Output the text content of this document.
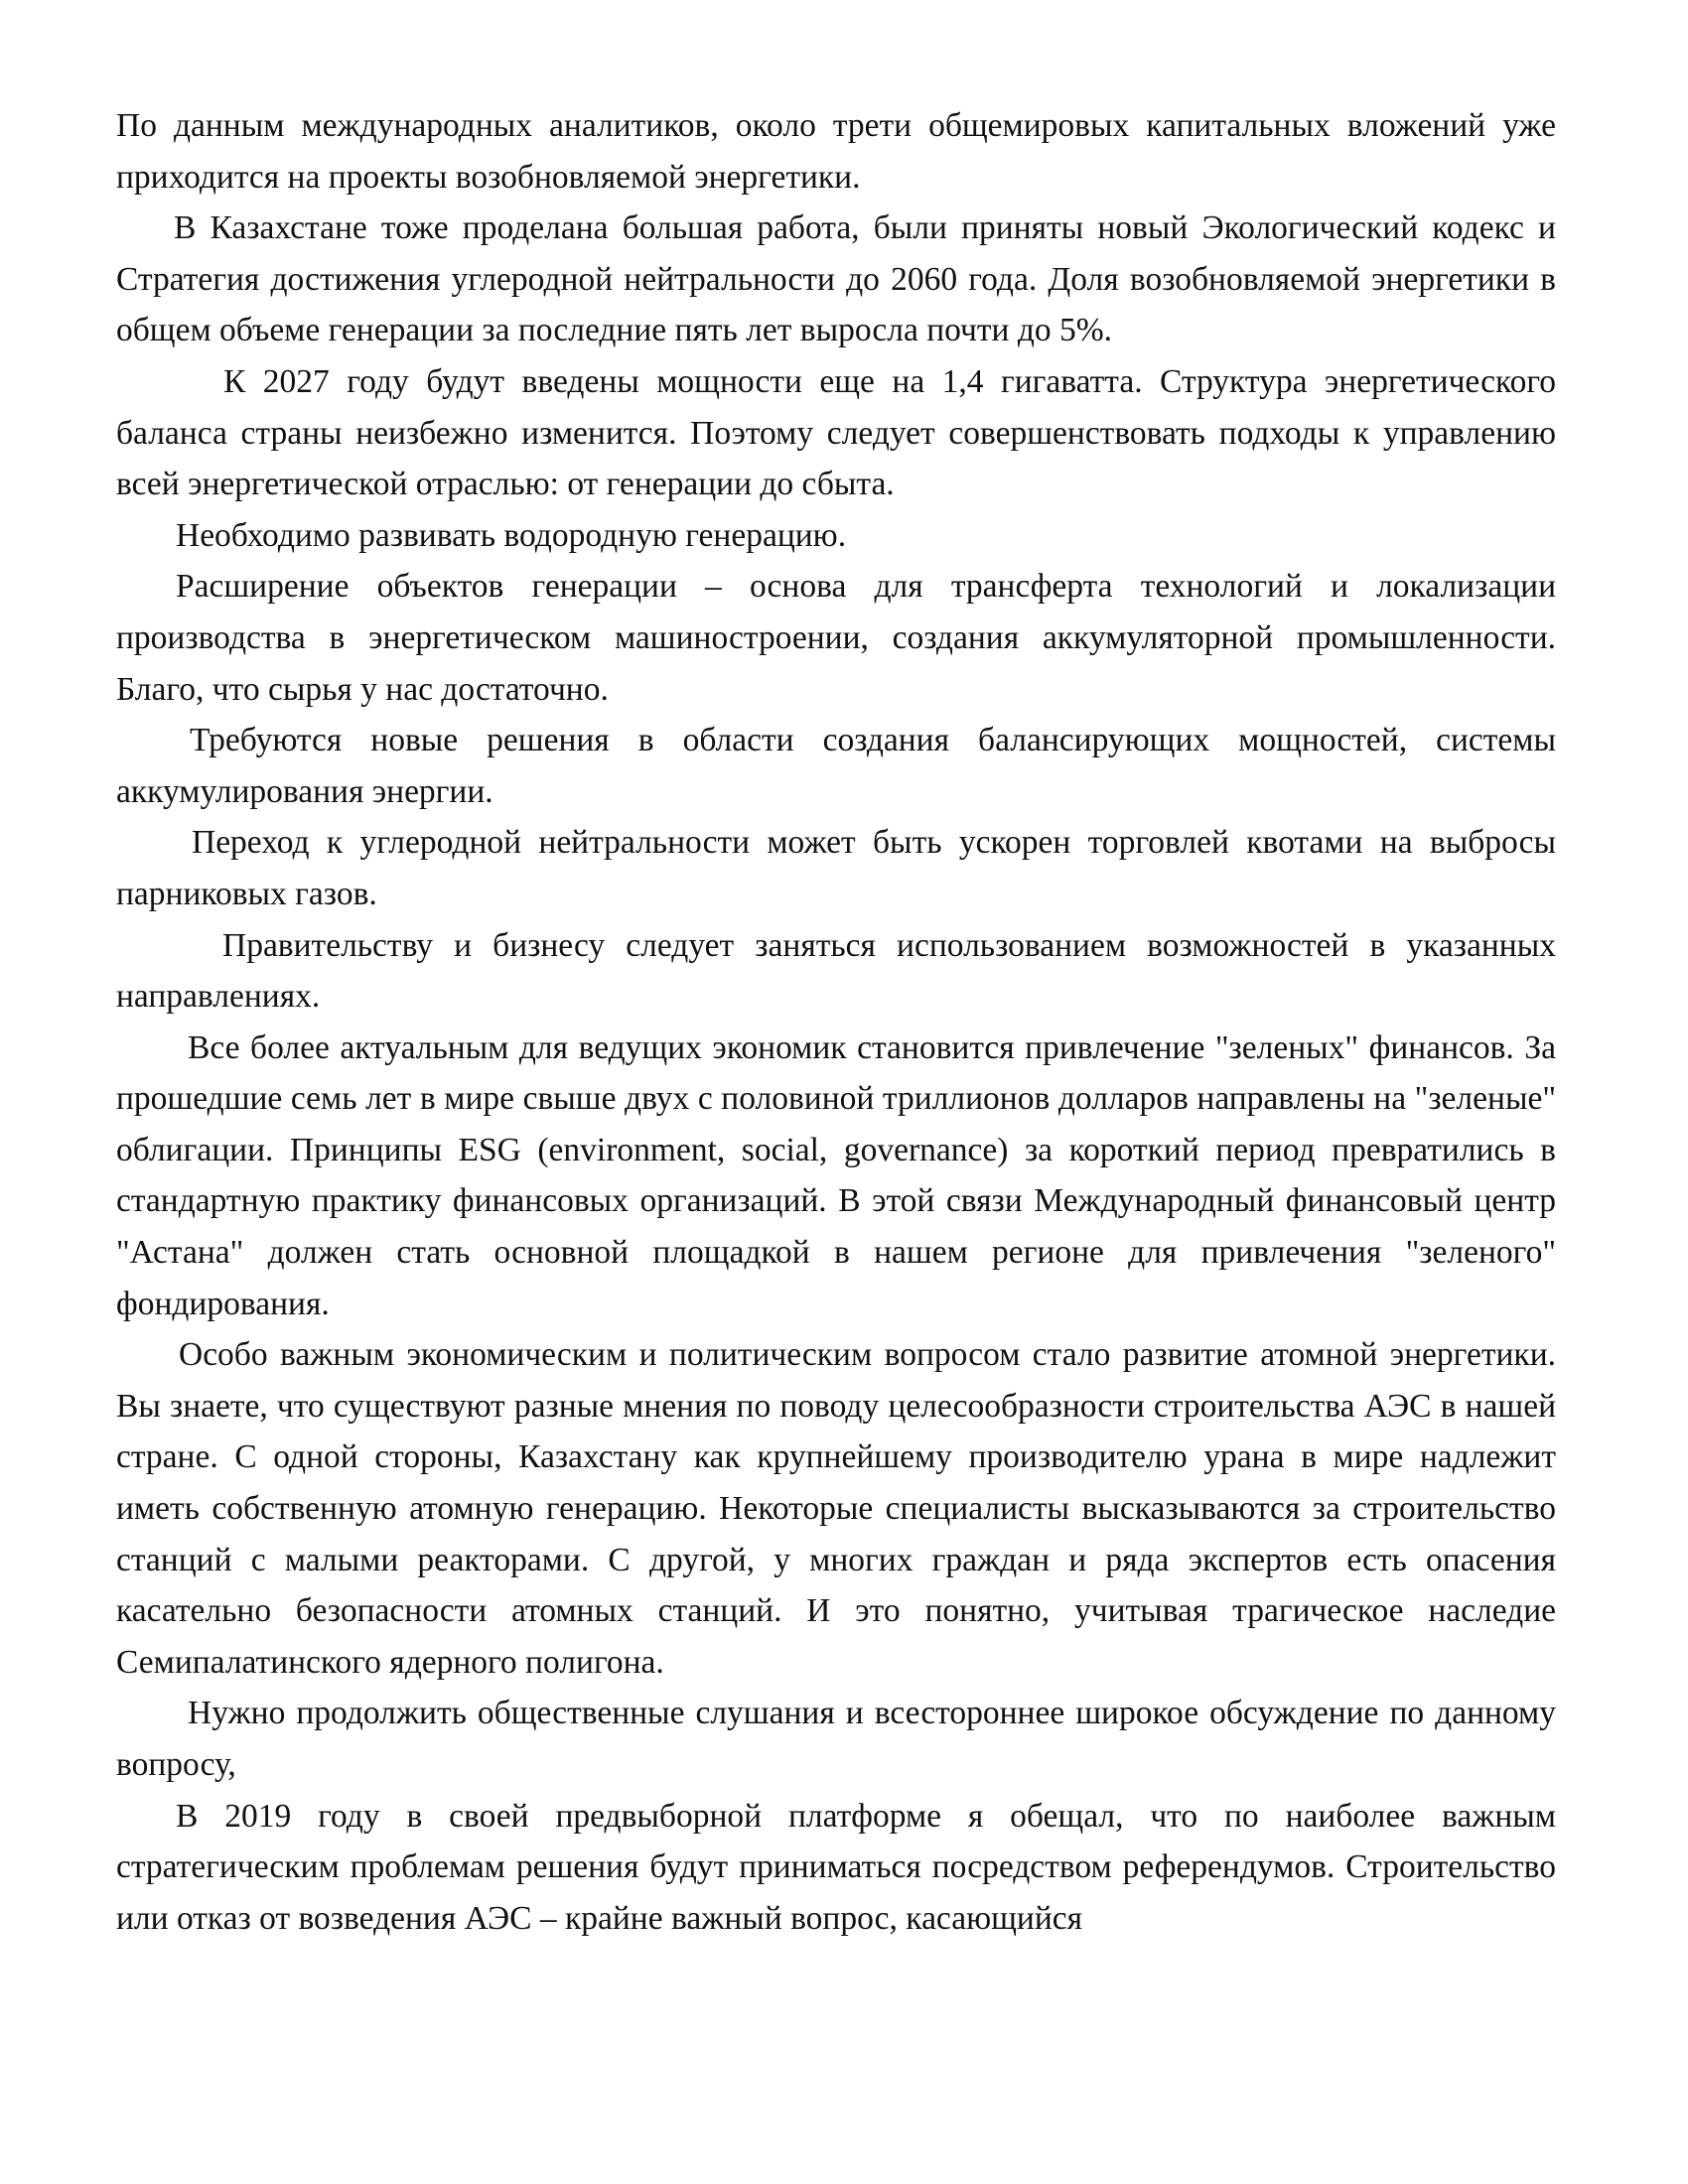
По данным международных аналитиков, около трети общемировых капитальных вложений уже приходится на проекты возобновляемой энергетики.

В Казахстане тоже проделана большая работа, были приняты новый Экологический кодекс и Стратегия достижения углеродной нейтральности до 2060 года. Доля возобновляемой энергетики в общем объеме генерации за последние пять лет выросла почти до 5%.

К 2027 году будут введены мощности еще на 1,4 гигаватта. Структура энергетического баланса страны неизбежно изменится. Поэтому следует совершенствовать подходы к управлению всей энергетической отраслью: от генерации до сбыта.

Необходимо развивать водородную генерацию.

Расширение объектов генерации – основа для трансферта технологий и локализации производства в энергетическом машиностроении, создания аккумуляторной промышленности. Благо, что сырья у нас достаточно.

Требуются новые решения в области создания балансирующих мощностей, системы аккумулирования энергии.

Переход к углеродной нейтральности может быть ускорен торговлей квотами на выбросы парниковых газов.

Правительству и бизнесу следует заняться использованием возможностей в указанных направлениях.

Все более актуальным для ведущих экономик становится привлечение "зеленых" финансов. За прошедшие семь лет в мире свыше двух с половиной триллионов долларов направлены на "зеленые" облигации. Принципы ESG (environment, social, governance) за короткий период превратились в стандартную практику финансовых организаций. В этой связи Международный финансовый центр "Астана" должен стать основной площадкой в нашем регионе для привлечения "зеленого" фондирования.

Особо важным экономическим и политическим вопросом стало развитие атомной энергетики. Вы знаете, что существуют разные мнения по поводу целесообразности строительства АЭС в нашей стране. С одной стороны, Казахстану как крупнейшему производителю урана в мире надлежит иметь собственную атомную генерацию. Некоторые специалисты высказываются за строительство станций с малыми реакторами. С другой, у многих граждан и ряда экспертов есть опасения касательно безопасности атомных станций. И это понятно, учитывая трагическое наследие Семипалатинского ядерного полигона.

Нужно продолжить общественные слушания и всестороннее широкое обсуждение по данному вопросу,

В 2019 году в своей предвыборной платформе я обещал, что по наиболее важным стратегическим проблемам решения будут приниматься посредством референдумов. Строительство или отказ от возведения АЭС – крайне важный вопрос, касающийся
